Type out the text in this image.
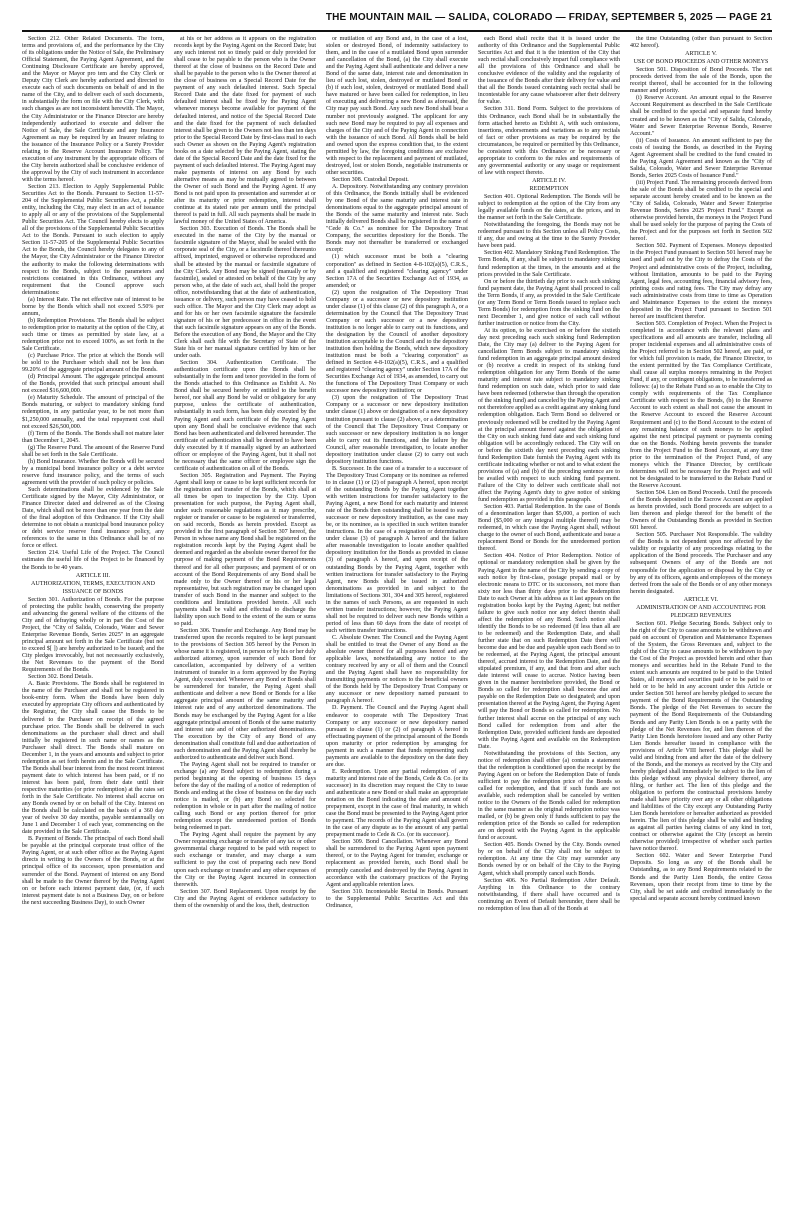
THE MOUNTAIN MAIL — SALIDA, COLORADO — FRIDAY, SEPTEMBER 5, 2025 — PAGE 21

Section 212. Other Related Documents. The form, terms and provisions of, and the performance by the City of its obligations under the Notice of Sale, the Preliminary Official Statement, the Paying Agent Agreement, and the Continuing Disclosure Certificate are hereby approved, and the Mayor or Mayor pro tem and the City Clerk or Deputy City Clerk are hereby authorized and directed to execute each of such documents on behalf of and in the name of the City, and to deliver each of such documents, in substantially the form on file with the City Clerk, with such changes as are not inconsistent herewith. The Mayor, the City Administrator or the Finance Director are hereby independently authorized to execute and deliver the Notice of Sale, the Sale Certificate and any Insurance Agreement as may be required by an Insurer relating to the issuance of the Insurance Policy or a Surety Provider relating to the Reserve Account Insurance Policy. The execution of any instrument by the appropriate officers of the City herein authorized shall be conclusive evidence of the approval by the City of such instrument in accordance with the terms hereof.

Section 213. Election to Apply Supplemental Public Securities Act to the Bonds. Pursuant to Section 11-57-204 of the Supplemental Public Securities Act, a public entity, including the City, may elect in an act of issuance to apply all or any of the provisions of the Supplemental Public Securities Act. The Council hereby elects to apply all of the provisions of the Supplemental Public Securities Act to the Bonds. Pursuant to such election to apply Section 11-57-205 of the Supplemental Public Securities Act to the Bonds, the Council hereby delegates to any of the Mayor, the City Administrator or the Finance Director the authority to make the following determinations with respect to the Bonds, subject to the parameters and restrictions contained in this Ordinance, without any requirement that the Council approve such determinations:

(a) Interest Rate. The net effective rate of interest to be borne by the Bonds which shall not exceed 5.50% per annum,

(b) Redemption Provisions. The Bonds shall be subject to redemption prior to maturity at the option of the City, at such time or times as permitted by state law, at a redemption price not to exceed 100%, as set forth in the Sale Certificate.

(c) Purchase Price. The price at which the Bonds will be sold to the Purchaser which shall not be less than 99.20% of the aggregate principal amount of the Bonds.

(d) Principal Amount. The aggregate principal amount of the Bonds, provided that such principal amount shall not exceed $16,600,000.

(e) Maturity Schedule. The amount of principal of the Bonds maturing, or subject to mandatory sinking fund redemption, in any particular year, to be not more than $1,250,000 annually, and the total repayment cost shall not exceed $26,500,000.

(f) Term of the Bonds. The Bonds shall not mature later than December 1, 2045.

(g) The Reserve Fund. The amount of the Reserve Fund shall be set forth in the Sale Certificate.

(h) Bond Insurance. Whether the Bonds will be secured by a municipal bond insurance policy or a debt service reserve fund insurance policy, and the terms of such agreement with the provider of such policy or policies.

Such determinations shall be evidenced by the Sale Certificate signed by the Mayor, City Administrator, or Finance Director dated and delivered as of the Closing Date, which shall not be more than one year from the date of the final adoption of this Ordinance. If the City shall determine to not obtain a municipal bond insurance policy or debt service reserve fund insurance policy, any references to the same in this Ordinance shall be of no force or effect.

Section 214. Useful Life of the Project. The Council estimates the useful life of the Project to be financed by the Bonds to be 40 years.

ARTICLE III.

AUTHORIZATION, TERMS, EXECUTION AND

ISSUANCE OF BONDS

Section 301. Authorization of Bonds. For the purpose of protecting the public health, conserving the property and advancing the general welfare of the citizens of the City and of defraying wholly or in part the Cost of the Project, the "City of Salida, Colorado, Water and Sewer Enterprise Revenue Bonds, Series 2025" in an aggregate principal amount set forth in the Sale Certificate (but not to exceed $[ ]) are hereby authorized to be issued; and the City pledges irrevocably, but not necessarily exclusively, the Net Revenues to the payment of the Bond Requirements of the Bonds.

Section 302. Bond Details.

A. Basic Provisions. The Bonds shall be registered in the name of the Purchaser and shall not be registered in book-entry form. When the Bonds have been duly executed by appropriate City officers and authenticated by the Registrar, the City shall cause the Bonds to be delivered to the Purchaser on receipt of the agreed purchase price. The Bonds shall be delivered in such denominations as the purchaser shall direct and shall initially be registered in such name or names as the Purchaser shall direct. The Bonds shall mature on December 1, in the years and amounts and subject to prior redemption as set forth herein and in the Sale Certificate. The Bonds shall bear interest from the most recent interest payment date to which interest has been paid, or if no interest has been paid, from their date until their respective maturities (or prior redemption) at the rates set forth in the Sale Certificate. No interest shall accrue on any Bonds owned by or on behalf of the City. Interest on the Bonds shall be calculated on the basis of a 360 day year of twelve 30 day months, payable semiannually on June 1 and December 1 of each year, commencing on the date provided in the Sale Certificate.

B. Payment of Bonds. The principal of each Bond shall be payable at the principal corporate trust office of the Paying Agent, or at such other office as the Paying Agent directs in writing to the Owners of the Bonds, or at the principal office of its successor, upon presentation and surrender of the Bond. Payment of interest on any Bond shall be made to the Owner thereof by the Paying Agent on or before each interest payment date, (or, if such interest payment date is not a Business Day, on or before the next succeeding Business Day), to such Owner

at his or her address as it appears on the registration records kept by the Paying Agent on the Record Date; but any such interest not so timely paid or duly provided for shall cease to be payable to the person who is the Owner thereof at the close of business on the Record Date and shall be payable to the person who is the Owner thereof at the close of business on a Special Record Date for the payment of any such defaulted interest. Such Special Record Date and the date fixed for payment of such defaulted interest shall be fixed by the Paying Agent whenever moneys become available for payment of the defaulted interest, and notice of the Special Record Date and the date fixed for the payment of such defaulted interest shall be given to the Owners not less than ten days prior to the Special Record Date by first-class mail to each such Owner as shown on the Paying Agent's registration books on a date selected by the Paying Agent, stating the date of the Special Record Date and the date fixed for the payment of such defaulted interest. The Paying Agent may make payments of interest on any Bond by such alternative means as may be mutually agreed to between the Owner of such Bond and the Paying Agent. If any Bond is not paid upon its presentation and surrender at or after its maturity or prior redemption, interest shall continue at its stated rate per annum until the principal thereof is paid in full. All such payments shall be made in lawful money of the United States of America.

Section 303. Execution of Bonds. The Bonds shall be executed in the name of the City by the manual or facsimile signature of the Mayor, shall be sealed with the corporate seal of the City, or a facsimile thereof thereunto affixed, imprinted, engraved or otherwise reproduced and shall be attested by the manual or facsimile signature of the City Clerk. Any Bond may be signed (manually or by facsimile), sealed or attested on behalf of the City by any person who, at the date of such act, shall hold the proper office, notwithstanding that at the date of authentication, issuance or delivery, such person may have ceased to hold such office. The Mayor and the City Clerk may adopt as and for his or her own facsimile signature the facsimile signature of his or her predecessor in office in the event that such facsimile signature appears on any of the Bonds. Before the execution of any Bond, the Mayor and the City Clerk shall each file with the Secretary of State of the State his or her manual signature certified by him or her under oath.

Section 304. Authentication Certificate. The authentication certificate upon the Bonds shall be substantially in the form and tenor provided in the form of the Bonds attached to this Ordinance as Exhibit A. No Bond shall be secured hereby or entitled to the benefit hereof, nor shall any Bond be valid or obligatory for any purpose, unless the certificate of authentication, substantially in such form, has been duly executed by the Paying Agent and such certificate of the Paying Agent upon any Bond shall be conclusive evidence that such Bond has been authenticated and delivered hereunder. The certificate of authentication shall be deemed to have been duly executed by it if manually signed by an authorized officer or employee of the Paying Agent, but it shall not be necessary that the same officer or employee sign the certificate of authentication on all of the Bonds.

Section 305. Registration and Payment. The Paying Agent shall keep or cause to be kept sufficient records for the registration and transfer of the Bonds, which shall at all times be open to inspection by the City. Upon presentation for such purpose, the Paying Agent shall, under such reasonable regulations as it may prescribe, register or transfer or cause to be registered or transferred, on said records, Bonds as herein provided. Except as provided in the first paragraph of Section 307 hereof, the Person in whose name any Bond shall be registered on the registration records kept by the Paying Agent shall be deemed and regarded as the absolute owner thereof for the purpose of making payment of the Bond Requirements thereof and for all other purposes; and payment of or on account of the Bond Requirements of any Bond shall be made only to the Owner thereof or his or her legal representative, but such registration may be changed upon transfer of such Bond in the manner and subject to the conditions and limitations provided herein. All such payments shall be valid and effectual to discharge the liability upon such Bond to the extent of the sum or sums so paid.

Section 306. Transfer and Exchange. Any Bond may be transferred upon the records required to be kept pursuant to the provisions of Section 305 hereof by the Person in whose name it is registered, in person or by his or her duly authorized attorney, upon surrender of such Bond for cancellation, accompanied by delivery of a written instrument of transfer in a form approved by the Paying Agent, duly executed. Whenever any Bond or Bonds shall be surrendered for transfer, the Paying Agent shall authenticate and deliver a new Bond or Bonds for a like aggregate principal amount of the same maturity and interest rate and of any authorized denominations. The Bonds may be exchanged by the Paying Agent for a like aggregate principal amount of Bonds of the same maturity and interest rate and of other authorized denominations. The execution by the City of any Bond of any denomination shall constitute full and due authorization of such denomination and the Paying Agent shall thereby be authorized to authenticate and deliver such Bond.

The Paying Agent shall not be required to transfer or exchange (a) any Bond subject to redemption during a period beginning at the opening of business 15 days before the day of the mailing of a notice of redemption of Bonds and ending at the close of business on the day such notice is mailed, or (b) any Bond so selected for redemption in whole or in part after the mailing of notice calling such Bond or any portion thereof for prior redemption except the unredeemed portion of Bonds being redeemed in part.

The Paying Agent shall require the payment by any Owner requesting exchange or transfer of any tax or other governmental charge required to be paid with respect to such exchange or transfer, and may charge a sum sufficient to pay the cost of preparing each new Bond upon each exchange or transfer and any other expenses of the City or the Paying Agent incurred in connection therewith.

Section 307. Bond Replacement. Upon receipt by the City and the Paying Agent of evidence satisfactory to them of the ownership of and the loss, theft, destruction

or mutilation of any Bond and, in the case of a lost, stolen or destroyed Bond, of indemnity satisfactory to them, and in the case of a mutilated Bond upon surrender and cancellation of the Bond, (a) the City shall execute and the Paying Agent shall authenticate and deliver a new Bond of the same date, interest rate and denomination in lieu of such lost, stolen, destroyed or mutilated Bond or (b) if such lost, stolen, destroyed or mutilated Bond shall have matured or have been called for redemption, in lieu of executing and delivering a new Bond as aforesaid, the City may pay such Bond. Any such new Bond shall bear a number not previously assigned. The applicant for any such new Bond may be required to pay all expenses and charges of the City and of the Paying Agent in connection with the issuance of such Bond. All Bonds shall be held and owned upon the express condition that, to the extent permitted by law, the foregoing conditions are exclusive with respect to the replacement and payment of mutilated, destroyed, lost or stolen Bonds, negotiable instruments or other securities.

Section 308. Custodial Deposit.

A. Depository. Notwithstanding any contrary provision of this Ordinance, the Bonds initially shall be evidenced by one Bond of the same maturity and interest rate in denominations equal to the aggregate principal amount of the Bonds of the same maturity and interest rate. Such initially delivered Bonds shall be registered in the name of "Cede & Co." as nominee for The Depository Trust Company, the securities depository for the Bonds. The Bonds may not thereafter be transferred or exchanged except:

(1) which successor must be both a "clearing corporation" as defined in Section 4-8-102(a)(5), C.R.S., and a qualified and registered "clearing agency" under Section 17A of the Securities Exchange Act of 1934, as amended; or

(2) upon the resignation of The Depository Trust Company or a successor or new depository institution under clause (1) of this clause (2) of this paragraph A, or a determination by the Council that The Depository Trust Company or such successor or a new depository institution is no longer able to carry out its functions, and the designation by the Council of another depository institution acceptable to the Council and to the depository institution then holding the Bonds, which new depository institution must be both a "clearing corporation" as defined in Section 4-8-102(a)(5), C.R.S., and a qualified and registered "clearing agency" under Section 17A of the Securities Exchange Act of 1934, as amended, to carry out the functions of The Depository Trust Company or such successor new depository institution; or

(3) upon the resignation of The Depository Trust Company or a successor or new depository institution under clause (1) above or designation of a new depository institution pursuant to clause (2) above, or a determination of the Council that The Depository Trust Company or such successor or new depository institution is no longer able to carry out its functions, and the failure by the Council, after reasonable investigation, to locate another depository institution under clause (2) to carry out such depository institution functions.

B. Successor. In the case of a transfer to a successor of The Depository Trust Company or its nominee as referred to in clause (1) or (2) of paragraph A hereof, upon receipt of the outstanding Bonds by the Paying Agent together with written instructions for transfer satisfactory to the Paying Agent, a new Bond for each maturity and interest rate of the Bonds then outstanding shall be issued to such successor or new depository institution, as the case may be, or its nominee, as is specified in such written transfer instructions. In the case of a resignation or determination under clause (3) of paragraph A hereof and the failure after reasonable investigation to locate another qualified depository institution for the Bonds as provided in clause (3) of paragraph A hereof, and upon receipt of the outstanding Bonds by the Paying Agent, together with written instructions for transfer satisfactory to the Paying Agent, new Bonds shall be issued in authorized denominations as provided in and subject to the limitations of Sections 301, 304 and 305 hereof, registered in the names of such Persons, as are requested in such written transfer instructions; however, the Paying Agent shall not be required to deliver such new Bonds within a period of less than 60 days from the date of receipt of such written transfer instructions.

C. Absolute Owner. The Council and the Paying Agent shall be entitled to treat the Owner of any Bond as the absolute owner thereof for all purposes hereof and any applicable laws, notwithstanding any notice to the contrary received by any or all of them and the Council and the Paying Agent shall have no responsibility for transmitting payments or notices to the beneficial owners of the Bonds held by The Depository Trust Company or any successor or new depository named pursuant to paragraph A hereof.

D. Payment. The Council and the Paying Agent shall endeavor to cooperate with The Depository Trust Company or any successor or new depository named pursuant to clause (1) or (2) of paragraph A hereof in effectuating payment of the principal amount of the Bonds upon maturity or prior redemption by arranging for payment in such a manner that funds representing such payments are available to the depository on the date they are due.

E. Redemption. Upon any partial redemption of any maturity and interest rate of the Bonds, Cede & Co. (or its successor) in its discretion may request the City to issue and authenticate a new Bond or shall make an appropriate notation on the Bond indicating the date and amount of prepayment, except in the case of final maturity, in which case the Bond must be presented to the Paying Agent prior to payment. The records of the Paying Agent shall govern in the case of any dispute as to the amount of any partial prepayment made to Cede & Co. (or its successor).

Section 309. Bond Cancellation. Whenever any Bond shall be surrendered to the Paying Agent upon payment thereof, or to the Paying Agent for transfer, exchange or replacement as provided herein, such Bond shall be promptly canceled and destroyed by the Paying Agent in accordance with the customary practices of the Paying Agent and applicable retention laws.

Section 310. Incontestable Recital in Bonds. Pursuant to the Supplemental Public Securities Act and this Ordinance,

each Bond shall recite that it is issued under the authority of this Ordinance and the Supplemental Public Securities Act and that it is the intention of the City that such recital shall conclusively impart full compliance with all the provisions of this Ordinance and shall be conclusive evidence of the validity and the regularity of the issuance of the Bonds after their delivery for value and that all the Bonds issued containing such recital shall be incontestable for any cause whatsoever after their delivery for value.

Section 311. Bond Form. Subject to the provisions of this Ordinance, each Bond shall be in substantially the form attached hereto as Exhibit A, with such omissions, insertions, endorsements and variations as to any recitals of fact or other provisions as may be required by the circumstances, be required or permitted by this Ordinance, be consistent with this Ordinance or be necessary or appropriate to conform to the rules and requirements of any governmental authority or any usage or requirement of law with respect thereto.

ARTICLE IV.

REDEMPTION

Section 401. Optional Redemption. The Bonds will be subject to redemption at the option of the City from any legally available funds on the dates, at the prices, and in the manner set forth in the Sale Certificate.

Notwithstanding the foregoing, the Bonds may not be redeemed pursuant to this Section unless all Policy Costs, if any, due and owing at the time to the Surety Provider have been paid.

Section 402. Mandatory Sinking Fund Redemption. The Term Bonds, if any, shall be subject to mandatory sinking fund redemption at the times, in the amounts and at the prices provided in the Sale Certificate.

On or before the thirtieth day prior to each such sinking fund payment date, the Paying Agent shall proceed to call the Term Bonds, if any, as provided in the Sale Certificate (or any Term Bond or Term Bonds issued to replace such Term Bonds) for redemption from the sinking fund on the next December 1, and give notice of such call without further instruction or notice from the City.

At its option, to be exercised on or before the sixtieth day next preceding each such sinking fund Redemption Date, the City may (a) deliver to the Paying Agent for cancellation Term Bonds subject to mandatory sinking fund redemption in an aggregate principal amount desired or (b) receive a credit in respect of its sinking fund redemption obligation for any Term Bonds of the same maturity and interest rate subject to mandatory sinking fund redemption on such date, which prior to said date have been redeemed (otherwise than through the operation of the sinking fund) and canceled by the Paying Agent and not theretofore applied as a credit against any sinking fund redemption obligation. Each Term Bond so delivered or previously redeemed will be credited by the Paying Agent at the principal amount thereof against the obligation of the City on such sinking fund date and such sinking fund obligation will be accordingly reduced. The City will on or before the sixtieth day next preceding each sinking fund Redemption Date furnish the Paying Agent with its certificate indicating whether or not and to what extent the provisions of (a) and (b) of the preceding sentence are to be availed with respect to such sinking fund payment. Failure of the City to deliver such certificate shall not affect the Paying Agent's duty to give notice of sinking fund redemption as provided in this paragraph.

Section 403. Partial Redemption. In the case of Bonds of a denomination larger than $5,000, a portion of such Bond ($5,000 or any integral multiple thereof) may be redeemed, in which case the Paying Agent shall, without charge to the owner of such Bond, authenticate and issue a replacement Bond or Bonds for the unredeemed portion thereof.

Section 404. Notice of Prior Redemption. Notice of optional or mandatory redemption shall be given by the Paying Agent in the name of the City by sending a copy of such notice by first-class, postage prepaid mail or by electronic means to DTC or its successors, not more than sixty nor less than thirty days prior to the Redemption Date to each Owner at his address as it last appears on the registration books kept by the Paying Agent; but neither failure to give such notice nor any defect therein shall affect the redemption of any Bond. Such notice shall identify the Bonds to be so redeemed (if less than all are to be redeemed) and the Redemption Date, and shall further state that on such Redemption Date there will become due and be due and payable upon each Bond so to be redeemed, at the Paying Agent, the principal amount thereof, accrued interest to the Redemption Date, and the stipulated premium, if any, and that from and after such date interest will cease to accrue. Notice having been given in the manner hereinbefore provided, the Bond or Bonds so called for redemption shall become due and payable on the Redemption Date so designated; and upon presentation thereof at the Paying Agent, the Paying Agent will pay the Bond or Bonds so called for redemption. No further interest shall accrue on the principal of any such Bond called for redemption from and after the Redemption Date, provided sufficient funds are deposited with the Paying Agent and available on the Redemption Date.

Notwithstanding the provisions of this Section, any notice of redemption shall either (a) contain a statement that the redemption is conditioned upon the receipt by the Paying Agent on or before the Redemption Date of funds sufficient to pay the redemption price of the Bonds so called for redemption, and that if such funds are not available, such redemption shall be canceled by written notice to the Owners of the Bonds called for redemption in the same manner as the original redemption notice was mailed, or (b) be given only if funds sufficient to pay the redemption price of the Bonds so called for redemption are on deposit with the Paying Agent in the applicable fund or account.

Section 405. Bonds Owned by the City. Bonds owned by or on behalf of the City shall not be subject to redemption. At any time the City may surrender any Bonds owned by or on behalf of the City to the Paying Agent, which shall promptly cancel such Bonds.

Section 406. No Partial Redemption After Default. Anything in this Ordinance to the contrary notwithstanding, if there shall have occurred and is continuing an Event of Default hereunder, there shall be no redemption of less than all of the Bonds at

the time Outstanding (other than pursuant to Section 402 hereof).

ARTICLE V.

USE OF BOND PROCEEDS AND OTHER MONEYS

Section 501. Disposition of Bond Proceeds. The net proceeds derived from the sale of the Bonds, upon the receipt thereof, shall be accounted for in the following manner and priority.

(i) Reserve Account. An amount equal to the Reserve Account Requirement as described in the Sale Certificate shall be credited to the special and separate fund hereby created and to be known as the "City of Salida, Colorado, Water and Sewer Enterprise Revenue Bonds, Reserve Account."

(ii) Costs of Issuance. An amount sufficient to pay the costs of issuing the Bonds, as described in the Paying Agent Agreement shall be credited to the fund created in the Paying Agent Agreement and known as the "City of Salida, Colorado, Water and Sewer Enterprise Revenue Bonds, Series 2025 Costs of Issuance Fund."

(iii) Project Fund. The remaining proceeds derived from the sale of the Bonds shall be credited to the special and separate account hereby created and to be known as the "City of Salida, Colorado, Water and Sewer Enterprise Revenue Bonds, Series 2025 Project Fund." Except as otherwise provided herein, the moneys in the Project Fund shall be used solely for the purpose of paying the Costs of the Project and for the purposes set forth in Section 502 hereof.

Section 502. Payment of Expenses. Moneys deposited in the Project Fund pursuant to Section 501 hereof may be used and paid out by the City to defray the Costs of the Project and administrative costs of the Project, including, without limitation, amounts to be paid to the Paying Agent, legal fees, accounting fees, financial advisory fees, printing costs and rating fees. The City may defray any such administrative costs from time to time as Operation and Maintenance Expenses to the extent the moneys deposited in the Project Fund pursuant to Section 501 hereof are insufficient therefor.

Section 503. Completion of Project. When the Project is completed in accordance with the relevant plans and specifications and all amounts are transfer, including all proper incidental expenses and all administrative costs of the Project referred to in Section 502 hereof, are paid, or for which full provision is made, the Finance Director, to the extent permitted by the Tax Compliance Certificate, shall cause all surplus moneys remaining in the Project Fund, if any, or contingent obligations, to be transferred as follows: (a) to the Rebate Fund so as to enable the City to comply with requirements of the Tax Compliance Certificate with respect to the Bonds, (b) to the Reserve Account to such extent as shall not cause the amount in the Reserve Account to exceed the Reserve Account Requirement and (c) to the Bond Account to the extent of any remaining balance of such moneys to be applied against the next principal payment or payments coming due on the Bonds. Nothing herein prevents the transfer from the Project Fund to the Bond Account, at any time prior to the termination of the Project Fund, of any moneys which the Finance Director, by certificate determines will not be necessary for the Project and will not be designated to be transferred to the Rebate Fund or the Reserve Account.

Section 504. Lien on Bond Proceeds. Until the proceeds of the Bonds deposited in the Escrow Account are applied as herein provided, such Bond proceeds are subject to a lien thereon and pledge thereof for the benefit of the Owners of the Outstanding Bonds as provided in Section 601 hereof.

Section 505. Purchaser Not Responsible. The validity of the Bonds is not dependent upon nor affected by the validity or regularity of any proceedings relating to the application of the Bond proceeds. The Purchaser and any subsequent Owners of any of the Bonds are not responsible for the application or disposal by the City or by any of its officers, agents and employees of the moneys derived from the sale of the Bonds or of any other moneys herein designated.

ARTICLE VI.

ADMINISTRATION OF AND ACCOUNTING FOR

PLEDGED REVENUES

Section 601. Pledge Securing Bonds. Subject only to the right of the City to cause amounts to be withdrawn and paid on account of Operation and Maintenance Expenses of the System, the Gross Revenues and, subject to the right of the City to cause amounts to be withdrawn to pay the Cost of the Project as provided herein and other than moneys and securities held in the Rebate Fund to the extent such amounts are required to be paid to the United States, all moneys and securities paid or to be paid to or held or to be held in any account under this Article or under Section 501 hereof are hereby pledged to secure the payment of the Bond Requirements of the Outstanding Bonds. The pledge of the Net Revenues to secure the payment of the Bond Requirements of the Outstanding Bonds and any Parity Lien Bonds is on a parity with the pledge of the Net Revenues for, and lien thereon of the Parity Lien Bonds heretofore issued and any other Parity Lien Bonds hereafter issued in compliance with the provisions of Article VIII hereof. This pledge shall be valid and binding from and after the date of the delivery of the Bonds, and the moneys as received by the City and hereby pledged shall immediately be subject to the lien of this pledge without any physical delivery thereof, any filing, or further act. The lien of this pledge and the obligation to perform the contractual provisions hereby made shall have priority over any or all other obligations and liabilities of the City except any Outstanding Parity Lien Bonds heretofore or hereafter authorized as provided herein. The lien of this pledge shall be valid and binding as against all parties having claims of any kind in tort, contract or otherwise against the City (except as herein otherwise provided) irrespective of whether such parties have notice thereof.

Section 602. Water and Sewer Enterprise Fund Deposits. So long as any of the Bonds shall be Outstanding, as to any Bond Requirements related to the Bonds and the Parity Lien Bonds, the entire Gross Revenues, upon their receipt from time to time by the City, shall be set aside and credited immediately to the special and separate account hereby continued known
